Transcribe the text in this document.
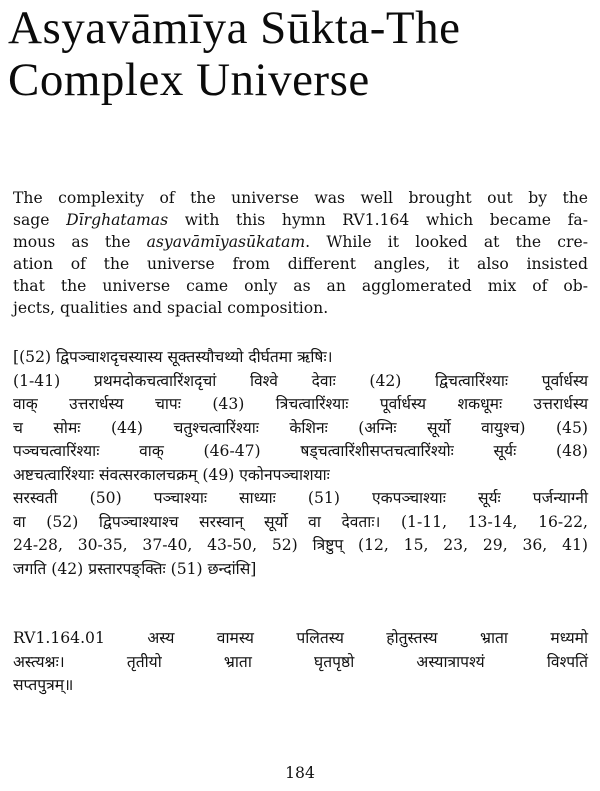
Asyavāmīya Sūkta-The
Complex Universe
The complexity of the universe was well brought out by the
sage Dīrghatamas with this hymn RV1.164 which became fa-
mous as the asyavāmīyasūkatam. While it looked at the cre-
ation of the universe from different angles, it also insisted
that the universe came only as an agglomerated mix of ob-
jects, qualities and spacial composition.
[(52) द्विपञ्चाशदृचस्यास्य सूक्तस्यौचथ्यो दीर्घतमा ऋषिः।
(1-41) प्रथमदोकचत्वारिंशदृचां विश्वे देवाः (42) द्विचत्वारिंश्याः पूर्वार्धस्य
वाक् उत्तरार्धस्य चापः (43) त्रिचत्वारिंश्याः पूर्वार्धस्य शकधूमः उत्तरार्धस्य
च सोमः (44) चतुश्चत्वारिंश्याः केशिनः (अग्निः सूर्यो वायुश्च) (45)
पञ्चचत्वारिंश्याः वाक् (46-47) षड्चत्वारिंशीसप्तचत्वारिंश्योः सूर्यः (48)
अष्टचत्वारिंश्याः संवत्सरकालचक्रम् (49) एकोनपञ्चाशयाः
सरस्वती (50) पञ्चाश्याः साध्याः (51) एकपञ्चाश्याः सूर्यः पर्जन्याग्नी
वा (52) द्विपञ्चाश्याश्च सरस्वान् सूर्यो वा देवताः। (1-11, 13-14, 16-22,
24-28, 30-35, 37-40, 43-50, 52) त्रिष्टुप् (12, 15, 23, 29, 36, 41)
जगति (42) प्रस्तारपङ्क्तिः (51) छन्दांसि]
RV1.164.01 अस्य वामस्य पलितस्य होतुस्तस्य भ्राता मध्यमो
अस्त्यश्नः। तृतीयो भ्राता घृतपृष्ठो अस्यात्रापश्यं विश्पतिं
सप्तपुत्रम्॥
184
